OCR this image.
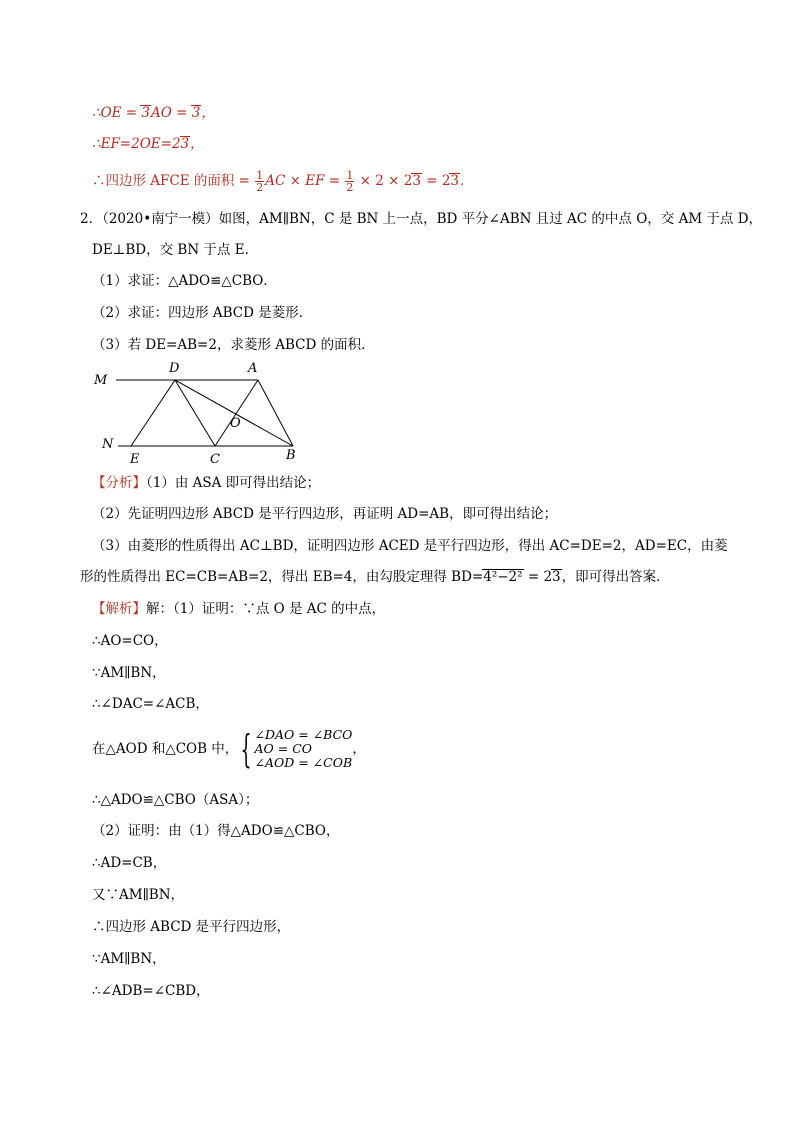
∴OE = 3AO = 3，
∴EF=2OE=23，
∴四边形 AFCE 的面积 = $\frac{1}{2}$ AC × EF = $\frac{1}{2} \times 2 \times 23 = 23$．
2．（2020•南宁一模）如图，AM∥BN，C 是 BN 上一点，BD 平分∠ABN 且过 AC 的中点 O，交 AM 于点 D，
DE⊥BD，交 BN 于点 E．
（1）求证：△ADO≌△CBO．
（2）求证：四边形 ABCD 是菱形．
（3）若 DE=AB=2，求菱形 ABCD 的面积．
M
D	A
O
N
E	C	B
【分析】（1）由 ASA 即可得出结论；
（2）先证明四边形 ABCD 是平行四边形，再证明 AD=AB，即可得出结论；
（3）由菱形的性质得出 AC⊥BD，证明四边形 ACED 是平行四边形，得出 AC=DE=2，AD=EC，由菱
形的性质得出 EC=CB=AB=2，得出 EB=4，由勾股定理得 BD=4²−2² = 23，即可得出答案．
【解析】解：（1）证明：∵点 O 是 AC 的中点，
∴AO=CO，
∵AM∥BN，
∴∠DAC=∠ACB，
在△AOD 和△COB 中，{ ∠DAO = ∠BCO
AO = CO
∠AOD = ∠COB
，
∴△ADO≌△CBO（ASA）；
（2）证明：由（1）得△ADO≌△CBO，
∴AD=CB，
又∵AM∥BN，
∴四边形 ABCD 是平行四边形，
∵AM∥BN，
∴∠ADB=∠CBD，
